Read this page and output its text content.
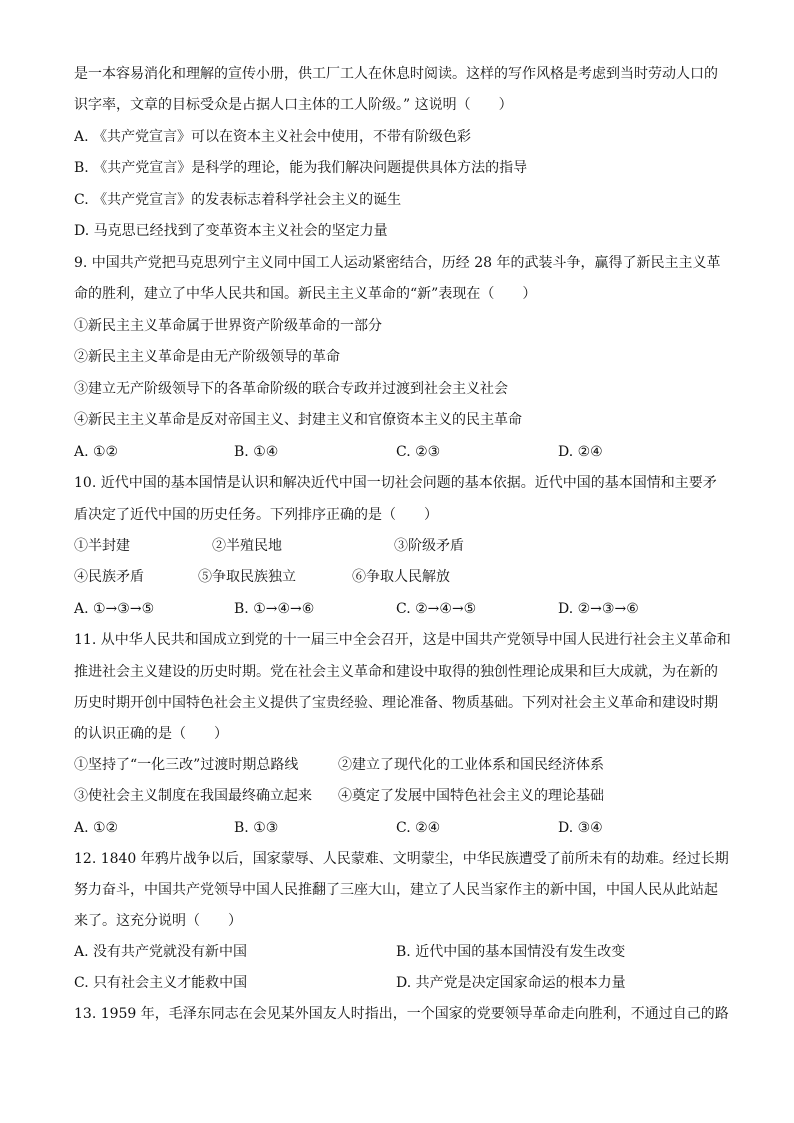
是一本容易消化和理解的宣传小册，供工厂工人在休息时阅读。这样的写作风格是考虑到当时劳动人口的
识字率，文章的目标受众是占据人口主体的工人阶级。” 这说明（　　）
A. 《共产党宣言》可以在资本主义社会中使用，不带有阶级色彩
B. 《共产党宣言》是科学的理论，能为我们解决问题提供具体方法的指导
C. 《共产党宣言》的发表标志着科学社会主义的诞生
D. 马克思已经找到了变革资本主义社会的坚定力量
9. 中国共产党把马克思列宁主义同中国工人运动紧密结合，历经 28 年的武装斗争，赢得了新民主主义革
命的胜利，建立了中华人民共和国。新民主主义革命的“新”表现在（　　）
①新民主主义革命属于世界资产阶级革命的一部分
②新民主主义革命是由无产阶级领导的革命
③建立无产阶级领导下的各革命阶级的联合专政并过渡到社会主义社会
④新民主主义革命是反对帝国主义、封建主义和官僚资本主义的民主革命
A. ①②	B. ①④	C. ②③	D. ②④
10. 近代中国的基本国情是认识和解决近代中国一切社会问题的基本依据。近代中国的基本国情和主要矛
盾决定了近代中国的历史任务。下列排序正确的是（　　）
①半封建	②半殖民地	③阶级矛盾
④民族矛盾	⑤争取民族独立	⑥争取人民解放
A. ①→③→⑤	B. ①→④→⑥	C. ②→④→⑤	D. ②→③→⑥
11. 从中华人民共和国成立到党的十一届三中全会召开，这是中国共产党领导中国人民进行社会主义革命和
推进社会主义建设的历史时期。党在社会主义革命和建设中取得的独创性理论成果和巨大成就，为在新的
历史时期开创中国特色社会主义提供了宝贵经验、理论准备、物质基础。下列对社会主义革命和建设时期
的认识正确的是（　　）
①坚持了“一化三改”过渡时期总路线	②建立了现代化的工业体系和国民经济体系
③使社会主义制度在我国最终确立起来 ④奠定了发展中国特色社会主义的理论基础
A. ①②	B. ①③	C. ②④	D. ③④
12. 1840 年鸦片战争以后，国家蒙辱、人民蒙难、文明蒙尘，中华民族遭受了前所未有的劫难。经过长期
努力奋斗，中国共产党领导中国人民推翻了三座大山，建立了人民当家作主的新中国，中国人民从此站起
来了。这充分说明（　　）
A. 没有共产党就没有新中国	B. 近代中国的基本国情没有发生改变
C. 只有社会主义才能救中国	D. 共产党是决定国家命运的根本力量
13. 1959 年，毛泽东同志在会见某外国友人时指出，一个国家的党要领导革命走向胜利，不通过自己的路
